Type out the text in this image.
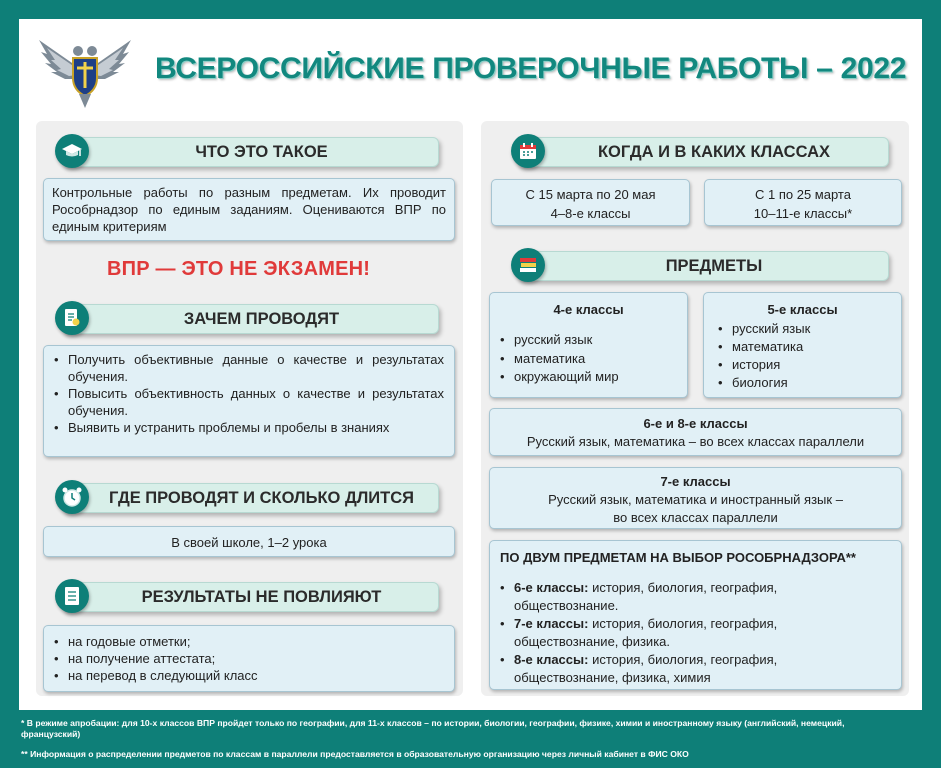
ВСЕРОССИЙСКИЕ ПРОВЕРОЧНЫЕ РАБОТЫ – 2022
ЧТО ЭТО ТАКОЕ
Контрольные работы по разным предметам. Их проводит Рособрнадзор по единым заданиям. Оцениваются ВПР по единым критериям
ВПР — ЭТО НЕ ЭКЗАМЕН!
ЗАЧЕМ ПРОВОДЯТ
• Получить объективные данные о качестве и результатах обучения.
• Повысить объективность данных о качестве и результатах обучения.
• Выявить и устранить проблемы и пробелы в знаниях
ГДЕ ПРОВОДЯТ И СКОЛЬКО ДЛИТСЯ
В своей школе, 1–2 урока
РЕЗУЛЬТАТЫ НЕ ПОВЛИЯЮТ
• на годовые отметки;
• на получение аттестата;
• на перевод в следующий класс
КОГДА И В КАКИХ КЛАССАХ
С 15 марта по 20 мая
4–8-е классы
С 1 по 25 марта
10–11-е классы*
ПРЕДМЕТЫ
4-е классы
• русский язык
• математика
• окружающий мир
5-е классы
• русский язык
• математика
• история
• биология
6-е и 8-е классы
Русский язык, математика – во всех классах параллели
7-е классы
Русский язык, математика и иностранный язык –
во всех классах параллели
ПО ДВУМ ПРЕДМЕТАМ НА ВЫБОР РОСОБРНАДЗОРА**
• 6-е классы: история, биология, география, обществознание.
• 7-е классы: история, биология, география, обществознание, физика.
• 8-е классы: история, биология, география, обществознание, физика, химия
* В режиме апробации: для 10-х классов ВПР пройдет только по географии, для 11-х классов – по истории, биологии, географии, физике, химии и иностранному языку (английский, немецкий, французский)
** Информация о распределении предметов по классам в параллели предоставляется в образовательную организацию через личный кабинет в ФИС ОКО
